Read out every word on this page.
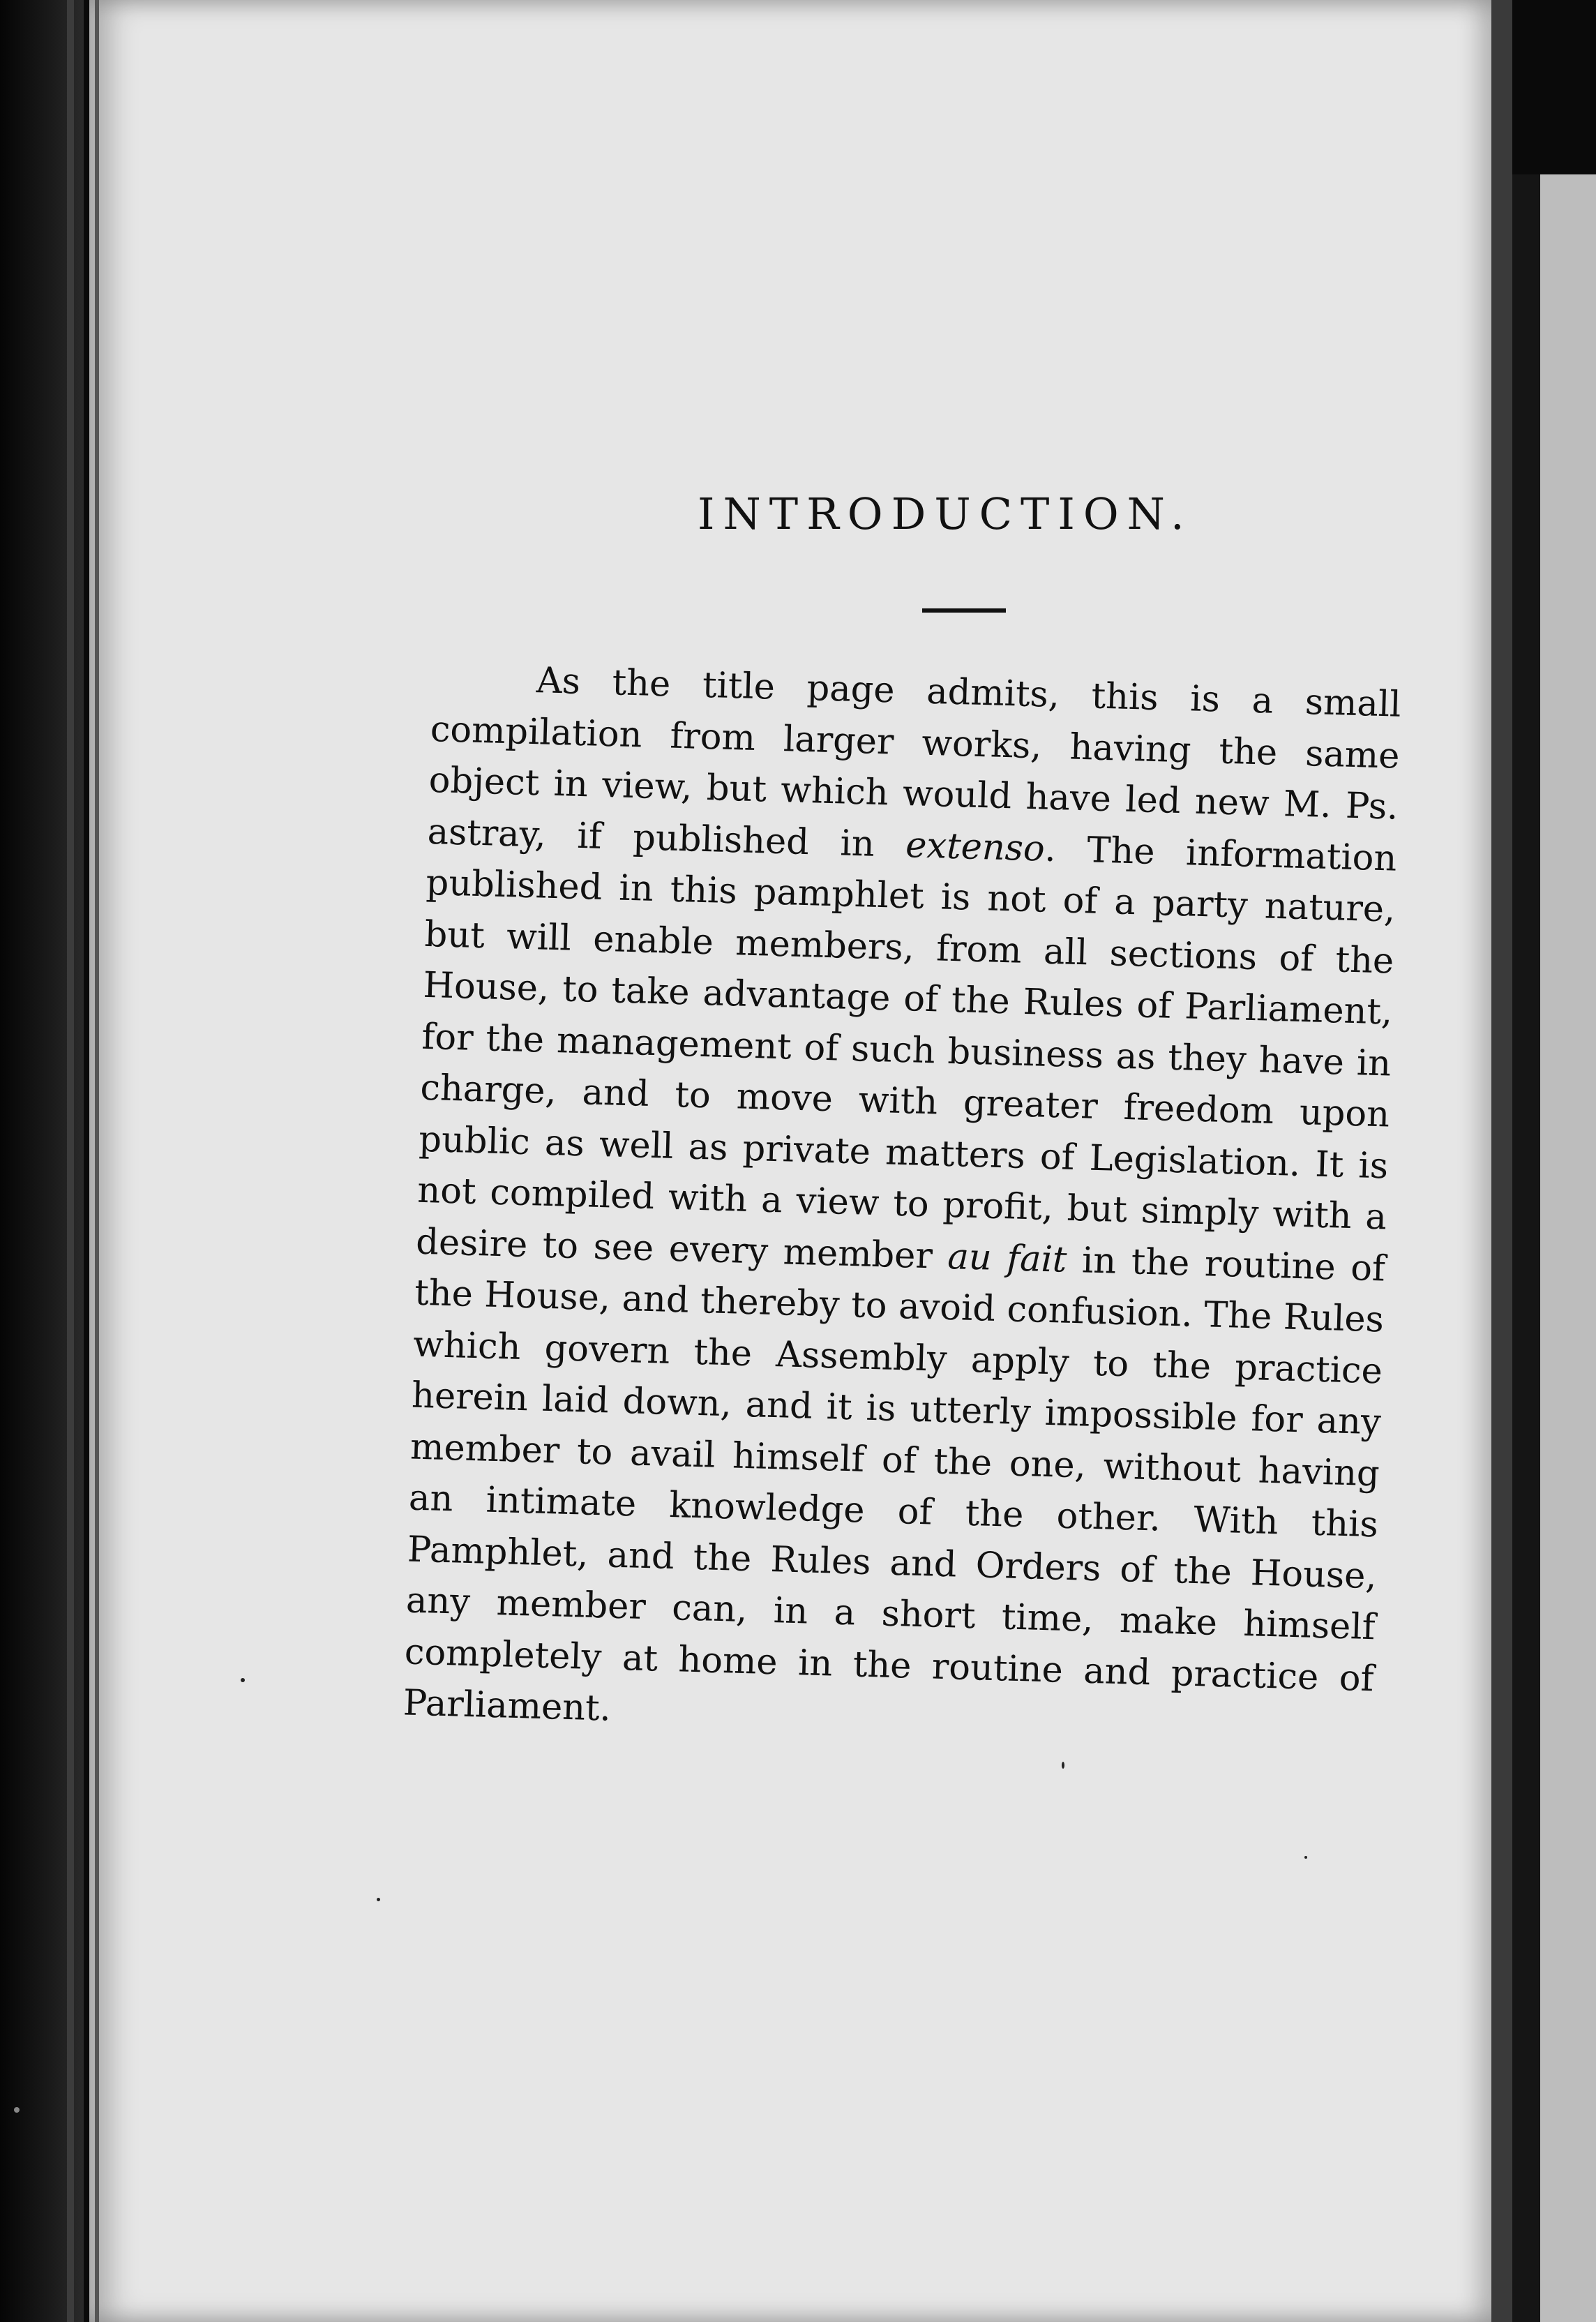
INTRODUCTION.
As the title page admits, this is a small compilation from larger works, having the same object in view, but which would have led new M. Ps. astray, if published in extenso. The information published in this pamphlet is not of a party nature, but will enable members, from all sections of the House, to take advantage of the Rules of Parliament, for the management of such business as they have in charge, and to move with greater freedom upon public as well as private matters of Legislation. It is not compiled with a view to profit, but simply with a desire to see every member au fait in the routine of the House, and thereby to avoid confusion. The Rules which govern the Assembly apply to the practice herein laid down, and it is utterly impossible for any member to avail himself of the one, without having an intimate knowledge of the other. With this Pamphlet, and the Rules and Orders of the House, any member can, in a short time, make himself completely at home in the routine and practice of Parliament.
